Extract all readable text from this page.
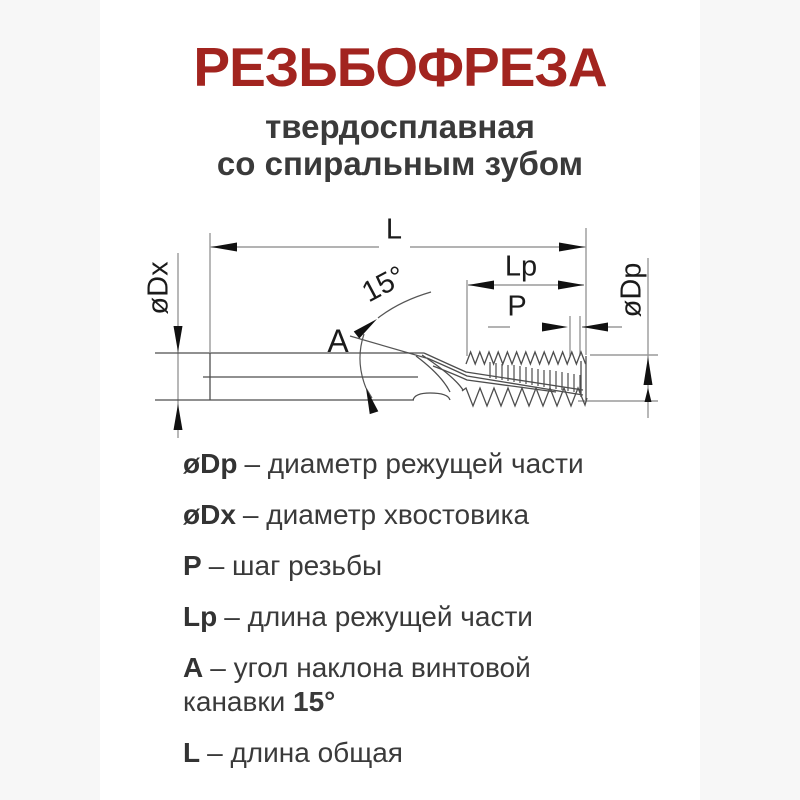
РЕЗЬБОФРЕЗА
твердосплавная
со спиральным зубом
L
Lp
P
15°
A
øDx	øDp
øDp – диаметр режущей части
øDx – диаметр хвостовика
P – шаг резьбы
Lp – длина режущей части
A – угол наклона винтовой
канавки 15°
L – длина общая
